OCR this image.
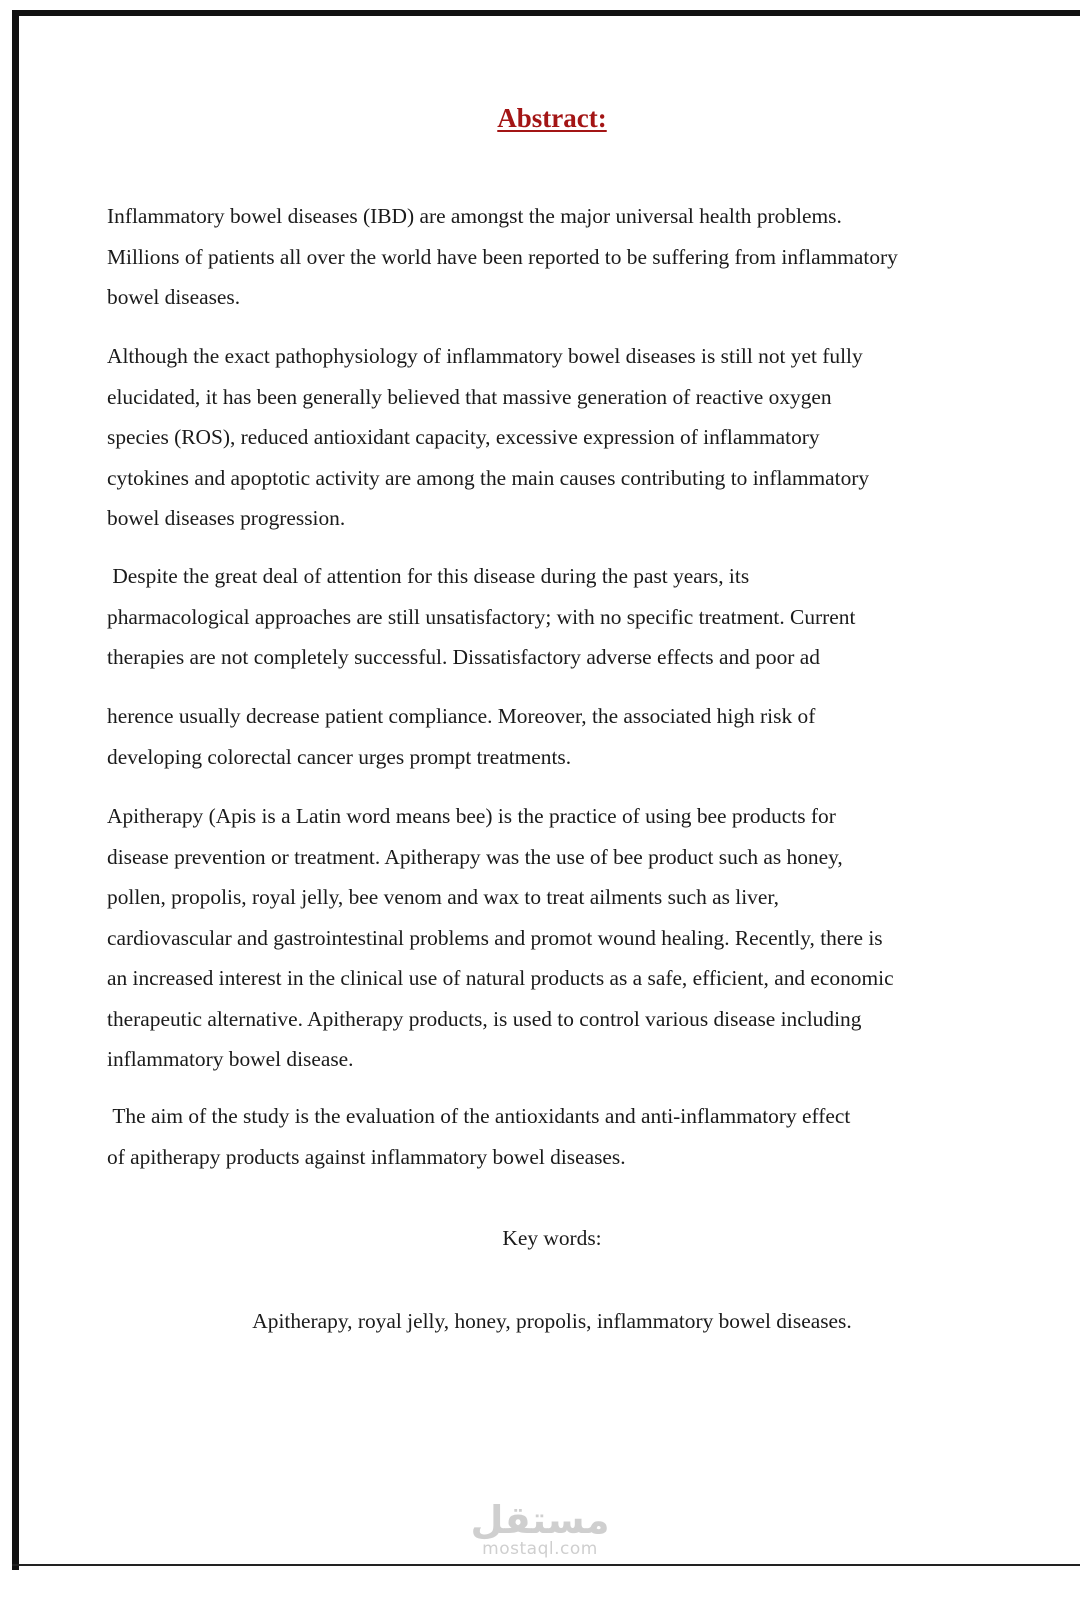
Abstract:

Inflammatory bowel diseases (IBD) are amongst the major universal health problems.
Millions of patients all over the world have been reported to be suffering from inflammatory
bowel diseases.

Although the exact pathophysiology of inflammatory bowel diseases is still not yet fully
elucidated, it has been generally believed that massive generation of reactive oxygen
species (ROS), reduced antioxidant capacity, excessive expression of inflammatory
cytokines and apoptotic activity are among the main causes contributing to inflammatory
bowel diseases progression.

Despite the great deal of attention for this disease during the past years, its
pharmacological approaches are still unsatisfactory; with no specific treatment. Current
therapies are not completely successful. Dissatisfactory adverse effects and poor ad

herence usually decrease patient compliance. Moreover, the associated high risk of
developing colorectal cancer urges prompt treatments.

Apitherapy (Apis is a Latin word means bee) is the practice of using bee products for
disease prevention or treatment. Apitherapy was the use of bee product such as honey,
pollen, propolis, royal jelly, bee venom and wax to treat ailments such as liver,
cardiovascular and gastrointestinal problems and promot wound healing. Recently, there is
an increased interest in the clinical use of natural products as a safe, efficient, and economic
therapeutic alternative. Apitherapy products, is used to control various disease including
inflammatory bowel disease.

The aim of the study is the evaluation of the antioxidants and anti-inflammatory effect
of apitherapy products against inflammatory bowel diseases.

Key words:
Apitherapy, royal jelly, honey, propolis, inflammatory bowel diseases.
مستقل
mostaql.com
